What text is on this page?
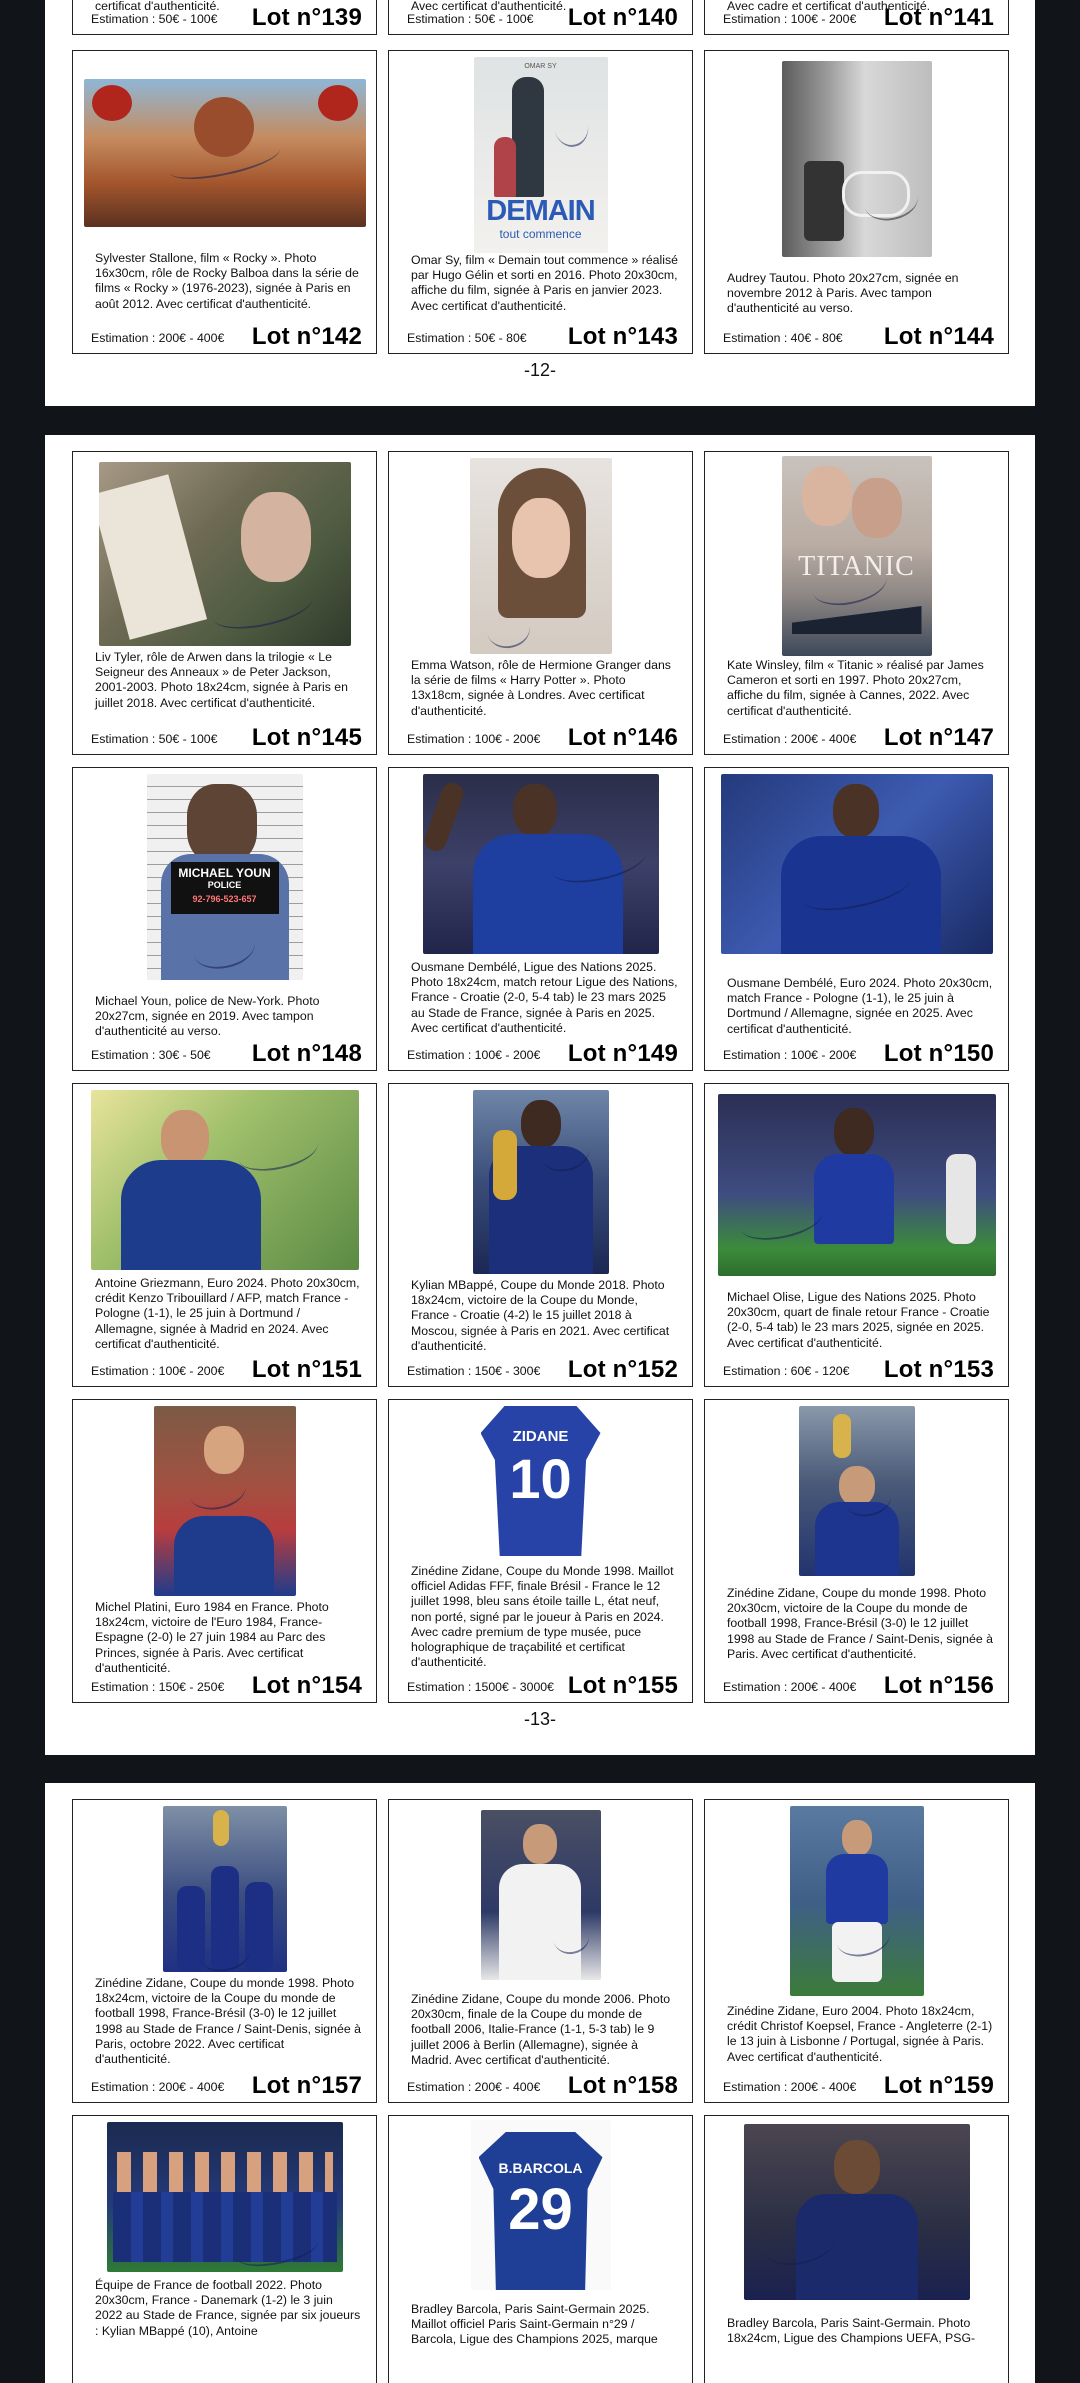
certificat d'authenticité.
Estimation : 50€ - 100€ Lot n°139	Avec certificat d'authenticité.
Estimation : 50€ - 100€ Lot n°140	Avec cadre et certificat d'authenticité.
Estimation : 100€ - 200€ Lot n°141
Sylvester Stallone, film « Rocky ». Photo 16x30cm, rôle de Rocky Balboa dans la série de films « Rocky » (1976-2023), signée à Paris en août 2012. Avec certificat d'authenticité.
Estimation : 200€ - 400€ Lot n°142
OMAR SY
DEMAIN
tout commence
Omar Sy, film « Demain tout commence » réalisé par Hugo Gélin et sorti en 2016. Photo 20x30cm, affiche du film, signée à Paris en janvier 2023. Avec certificat d'authenticité.
Estimation : 50€ - 80€ Lot n°143
Audrey Tautou. Photo 20x27cm, signée en novembre 2012 à Paris. Avec tampon d'authenticité au verso.
Estimation : 40€ - 80€ Lot n°144
-12-
Liv Tyler, rôle de Arwen dans la trilogie « Le Seigneur des Anneaux » de Peter Jackson, 2001-2003. Photo 18x24cm, signée à Paris en juillet 2018. Avec certificat d'authenticité.
Estimation : 50€ - 100€ Lot n°145
Emma Watson, rôle de Hermione Granger dans la série de films « Harry Potter ». Photo 13x18cm, signée à Londres. Avec certificat d'authenticité.
Estimation : 100€ - 200€ Lot n°146
TITANIC
Kate Winsley, film « Titanic » réalisé par James Cameron et sorti en 1997. Photo 20x27cm, affiche du film, signée à Cannes, 2022. Avec certificat d'authenticité.
Estimation : 200€ - 400€ Lot n°147
MICHAEL YOUN
POLICE
92-796-523-657
Michael Youn, police de New-York. Photo 20x27cm, signée en 2019. Avec tampon d'authenticité au verso.
Estimation : 30€ - 50€ Lot n°148
Ousmane Dembélé, Ligue des Nations 2025. Photo 18x24cm, match retour Ligue des Nations, France - Croatie (2-0, 5-4 tab) le 23 mars 2025 au Stade de France, signée à Paris en 2025. Avec certificat d'authenticité.
Estimation : 100€ - 200€ Lot n°149
Ousmane Dembélé, Euro 2024. Photo 20x30cm, match France - Pologne (1-1), le 25 juin à Dortmund / Allemagne, signée en 2025. Avec certificat d'authenticité.
Estimation : 100€ - 200€ Lot n°150
Antoine Griezmann, Euro 2024. Photo 20x30cm, crédit Kenzo Tribouillard / AFP, match France - Pologne (1-1), le 25 juin à Dortmund / Allemagne, signée à Madrid en 2024. Avec certificat d'authenticité.
Estimation : 100€ - 200€ Lot n°151
Kylian MBappé, Coupe du Monde 2018. Photo 18x24cm, victoire de la Coupe du Monde, France - Croatie (4-2) le 15 juillet 2018 à Moscou, signée à Paris en 2021. Avec certificat d'authenticité.
Estimation : 150€ - 300€ Lot n°152
Michael Olise, Ligue des Nations 2025. Photo 20x30cm, quart de finale retour France - Croatie (2-0, 5-4 tab) le 23 mars 2025, signée en 2025. Avec certificat d'authenticité.
Estimation : 60€ - 120€ Lot n°153
Michel Platini, Euro 1984 en France. Photo 18x24cm, victoire de l'Euro 1984, France-Espagne (2-0) le 27 juin 1984 au Parc des Princes, signée à Paris. Avec certificat d'authenticité.
Estimation : 150€ - 250€ Lot n°154
ZIDANE
10
Zinédine Zidane, Coupe du Monde 1998. Maillot officiel Adidas FFF, finale Brésil - France le 12 juillet 1998, bleu sans étoile taille L, état neuf, non porté, signé par le joueur à Paris en 2024. Avec cadre premium de type musée, puce holographique de traçabilité et certificat d'authenticité.
Estimation : 1500€ - 3000€ Lot n°155
Zinédine Zidane, Coupe du monde 1998. Photo 20x30cm, victoire de la Coupe du monde de football 1998, France-Brésil (3-0) le 12 juillet 1998 au Stade de France / Saint-Denis, signée à Paris. Avec certificat d'authenticité.
Estimation : 200€ - 400€ Lot n°156
-13-
Zinédine Zidane, Coupe du monde 1998. Photo 18x24cm, victoire de la Coupe du monde de football 1998, France-Brésil (3-0) le 12 juillet 1998 au Stade de France / Saint-Denis, signée à Paris, octobre 2022. Avec certificat d'authenticité.
Estimation : 200€ - 400€ Lot n°157
Zinédine Zidane, Coupe du monde 2006. Photo 20x30cm, finale de la Coupe du monde de football 2006, Italie-France (1-1, 5-3 tab) le 9 juillet 2006 à Berlin (Allemagne), signée à Madrid. Avec certificat d'authenticité.
Estimation : 200€ - 400€ Lot n°158
Zinédine Zidane, Euro 2004. Photo 18x24cm, crédit Christof Koepsel, France - Angleterre (2-1) le 13 juin à Lisbonne / Portugal, signée à Paris. Avec certificat d'authenticité.
Estimation : 200€ - 400€ Lot n°159
Équipe de France de football 2022. Photo 20x30cm, France - Danemark (1-2) le 3 juin 2022 au Stade de France, signée par six joueurs : Kylian MBappé (10), Antoine
B.BARCOLA
29
Bradley Barcola, Paris Saint-Germain 2025. Maillot officiel Paris Saint-Germain n°29 / Barcola, Ligue des Champions 2025, marque
Bradley Barcola, Paris Saint-Germain. Photo 18x24cm, Ligue des Champions UEFA, PSG-
